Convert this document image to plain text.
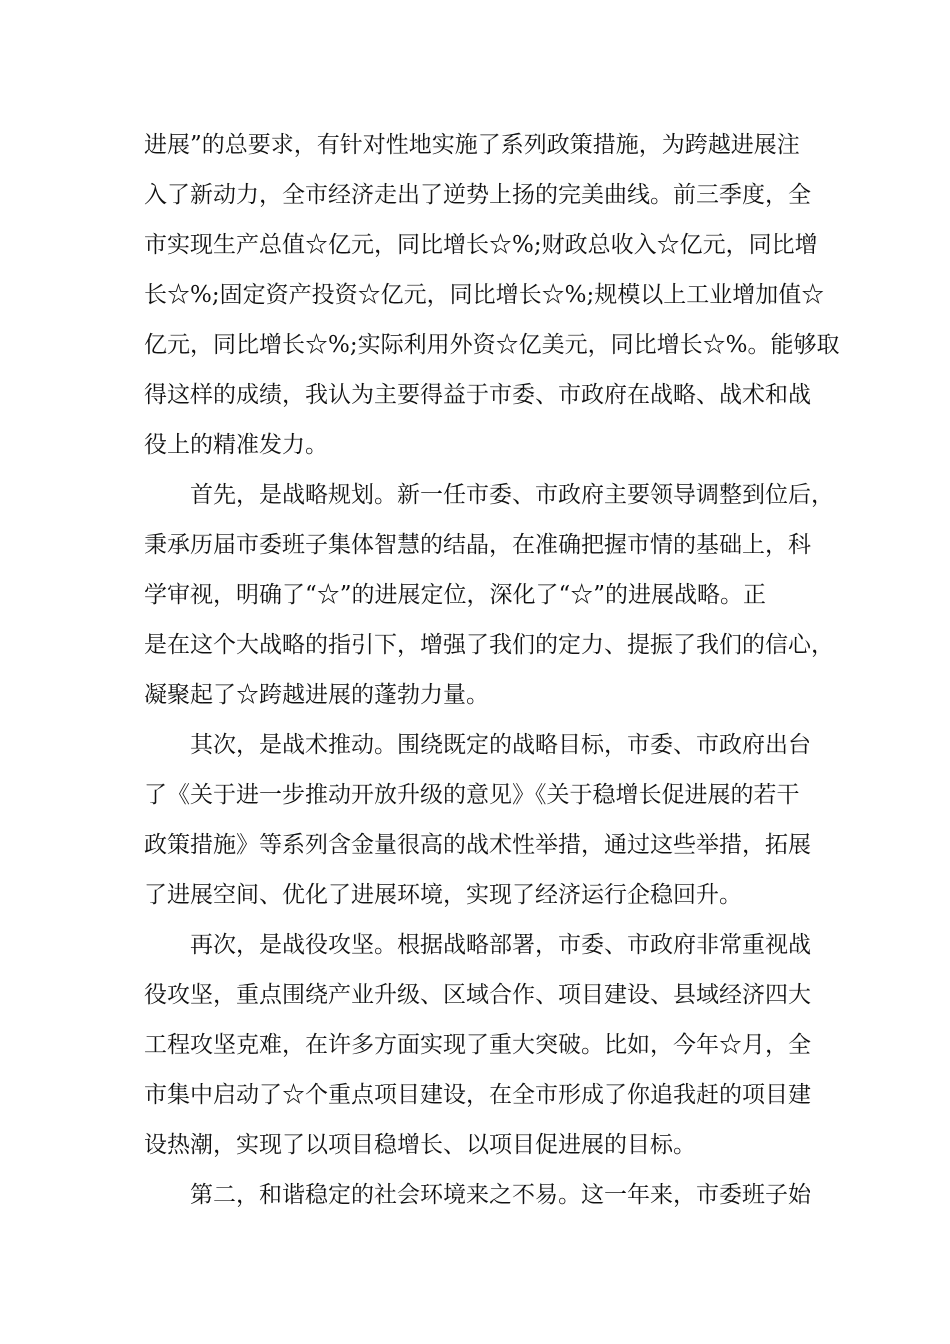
进展”的总要求，有针对性地实施了系列政策措施，为跨越进展注
入了新动力，全市经济走出了逆势上扬的完美曲线。前三季度，全
市实现生产总值☆亿元，同比增长☆%;财政总收入☆亿元，同比增
长☆%;固定资产投资☆亿元，同比增长☆%;规模以上工业增加值☆
亿元，同比增长☆%;实际利用外资☆亿美元，同比增长☆%。能够取
得这样的成绩，我认为主要得益于市委、市政府在战略、战术和战
役上的精准发力。

　　首先，是战略规划。新一任市委、市政府主要领导调整到位后，
秉承历届市委班子集体智慧的结晶，在准确把握市情的基础上，科
学审视，明确了“☆”的进展定位，深化了“☆”的进展战略。正
是在这个大战略的指引下，增强了我们的定力、提振了我们的信心，
凝聚起了☆跨越进展的蓬勃力量。

　　其次，是战术推动。围绕既定的战略目标，市委、市政府出台
了《关于进一步推动开放升级的意见》《关于稳增长促进展的若干
政策措施》等系列含金量很高的战术性举措，通过这些举措，拓展
了进展空间、优化了进展环境，实现了经济运行企稳回升。

　　再次，是战役攻坚。根据战略部署，市委、市政府非常重视战
役攻坚，重点围绕产业升级、区域合作、项目建设、县域经济四大
工程攻坚克难，在许多方面实现了重大突破。比如，今年☆月，全
市集中启动了☆个重点项目建设，在全市形成了你追我赶的项目建
设热潮，实现了以项目稳增长、以项目促进展的目标。

　　第二，和谐稳定的社会环境来之不易。这一年来，市委班子始
